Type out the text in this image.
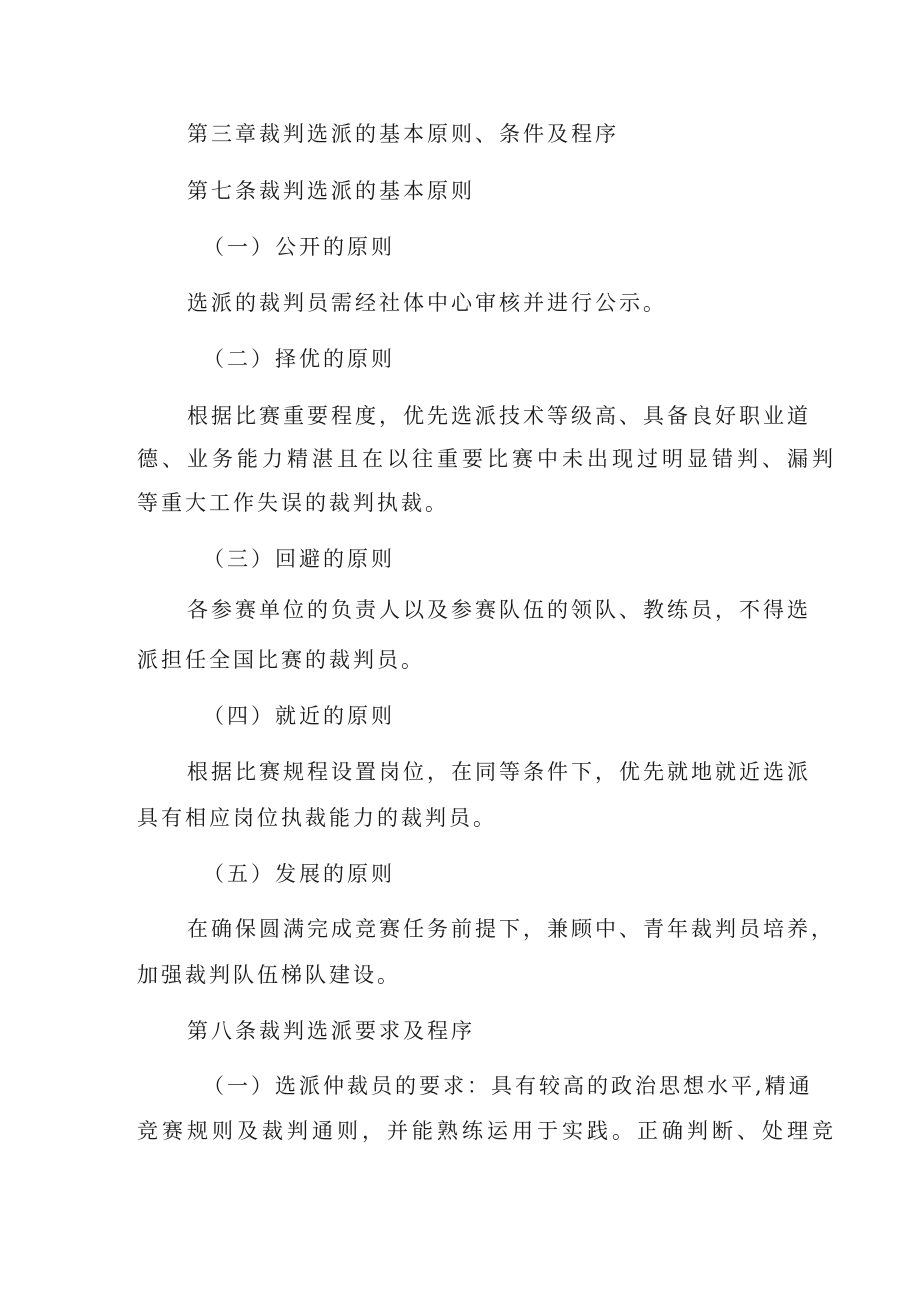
第三章裁判选派的基本原则、条件及程序
第七条裁判选派的基本原则
（一）公开的原则
选派的裁判员需经社体中心审核并进行公示。
（二）择优的原则
根据比赛重要程度，优先选派技术等级高、具备良好职业道
德、业务能力精湛且在以往重要比赛中未出现过明显错判、漏判
等重大工作失误的裁判执裁。
（三）回避的原则
各参赛单位的负责人以及参赛队伍的领队、教练员，不得选
派担任全国比赛的裁判员。
（四）就近的原则
根据比赛规程设置岗位，在同等条件下，优先就地就近选派
具有相应岗位执裁能力的裁判员。
（五）发展的原则
在确保圆满完成竞赛任务前提下，兼顾中、青年裁判员培养，
加强裁判队伍梯队建设。
第八条裁判选派要求及程序
（一）选派仲裁员的要求：具有较高的政治思想水平,精通
竞赛规则及裁判通则，并能熟练运用于实践。正确判断、处理竞
